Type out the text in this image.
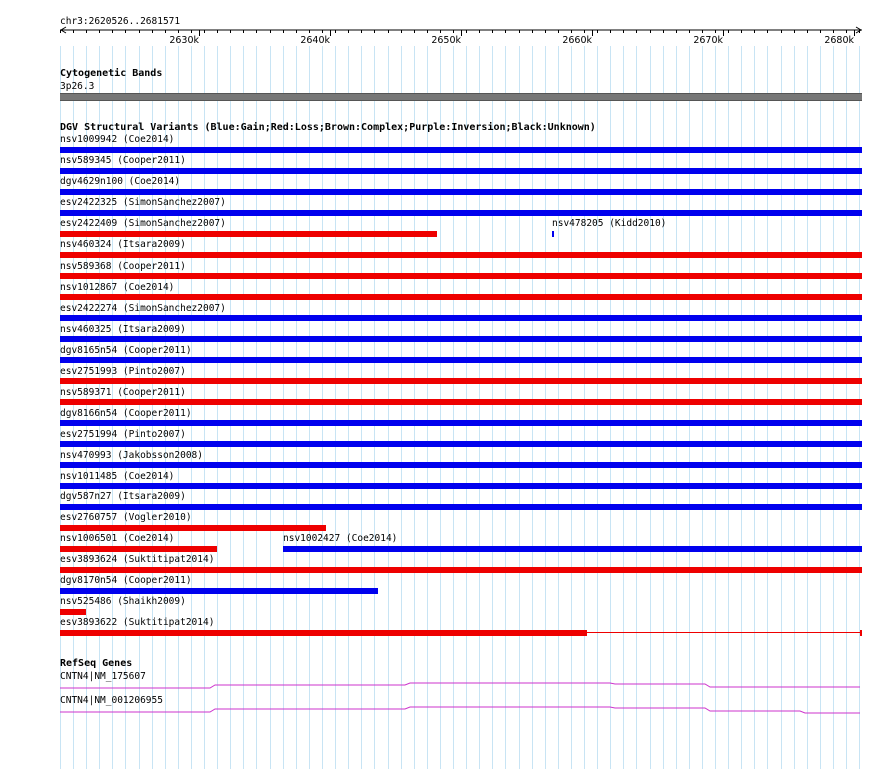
chr3:2620526..2681571
2630k	2640k	2650k	2660k	2670k	2680k
Cytogenetic Bands
3p26.3
DGV Structural Variants (Blue:Gain;Red:Loss;Brown:Complex;Purple:Inversion;Black:Unknown)
nsv1009942 (Coe2014)
nsv589345 (Cooper2011)
dgv4629n100 (Coe2014)
esv2422325 (SimonSanchez2007)
esv2422409 (SimonSanchez2007)	nsv478205 (Kidd2010)
nsv460324 (Itsara2009)
nsv589368 (Cooper2011)
nsv1012867 (Coe2014)
esv2422274 (SimonSanchez2007)
nsv460325 (Itsara2009)
dgv8165n54 (Cooper2011)
esv2751993 (Pinto2007)
nsv589371 (Cooper2011)
dgv8166n54 (Cooper2011)
esv2751994 (Pinto2007)
nsv470993 (Jakobsson2008)
nsv1011485 (Coe2014)
dgv587n27 (Itsara2009)
esv2760757 (Vogler2010)
nsv1006501 (Coe2014)	nsv1002427 (Coe2014)
esv3893624 (Suktitipat2014)
dgv8170n54 (Cooper2011)
nsv525486 (Shaikh2009)
esv3893622 (Suktitipat2014)
RefSeq Genes
CNTN4|NM_175607
CNTN4|NM_001206955
